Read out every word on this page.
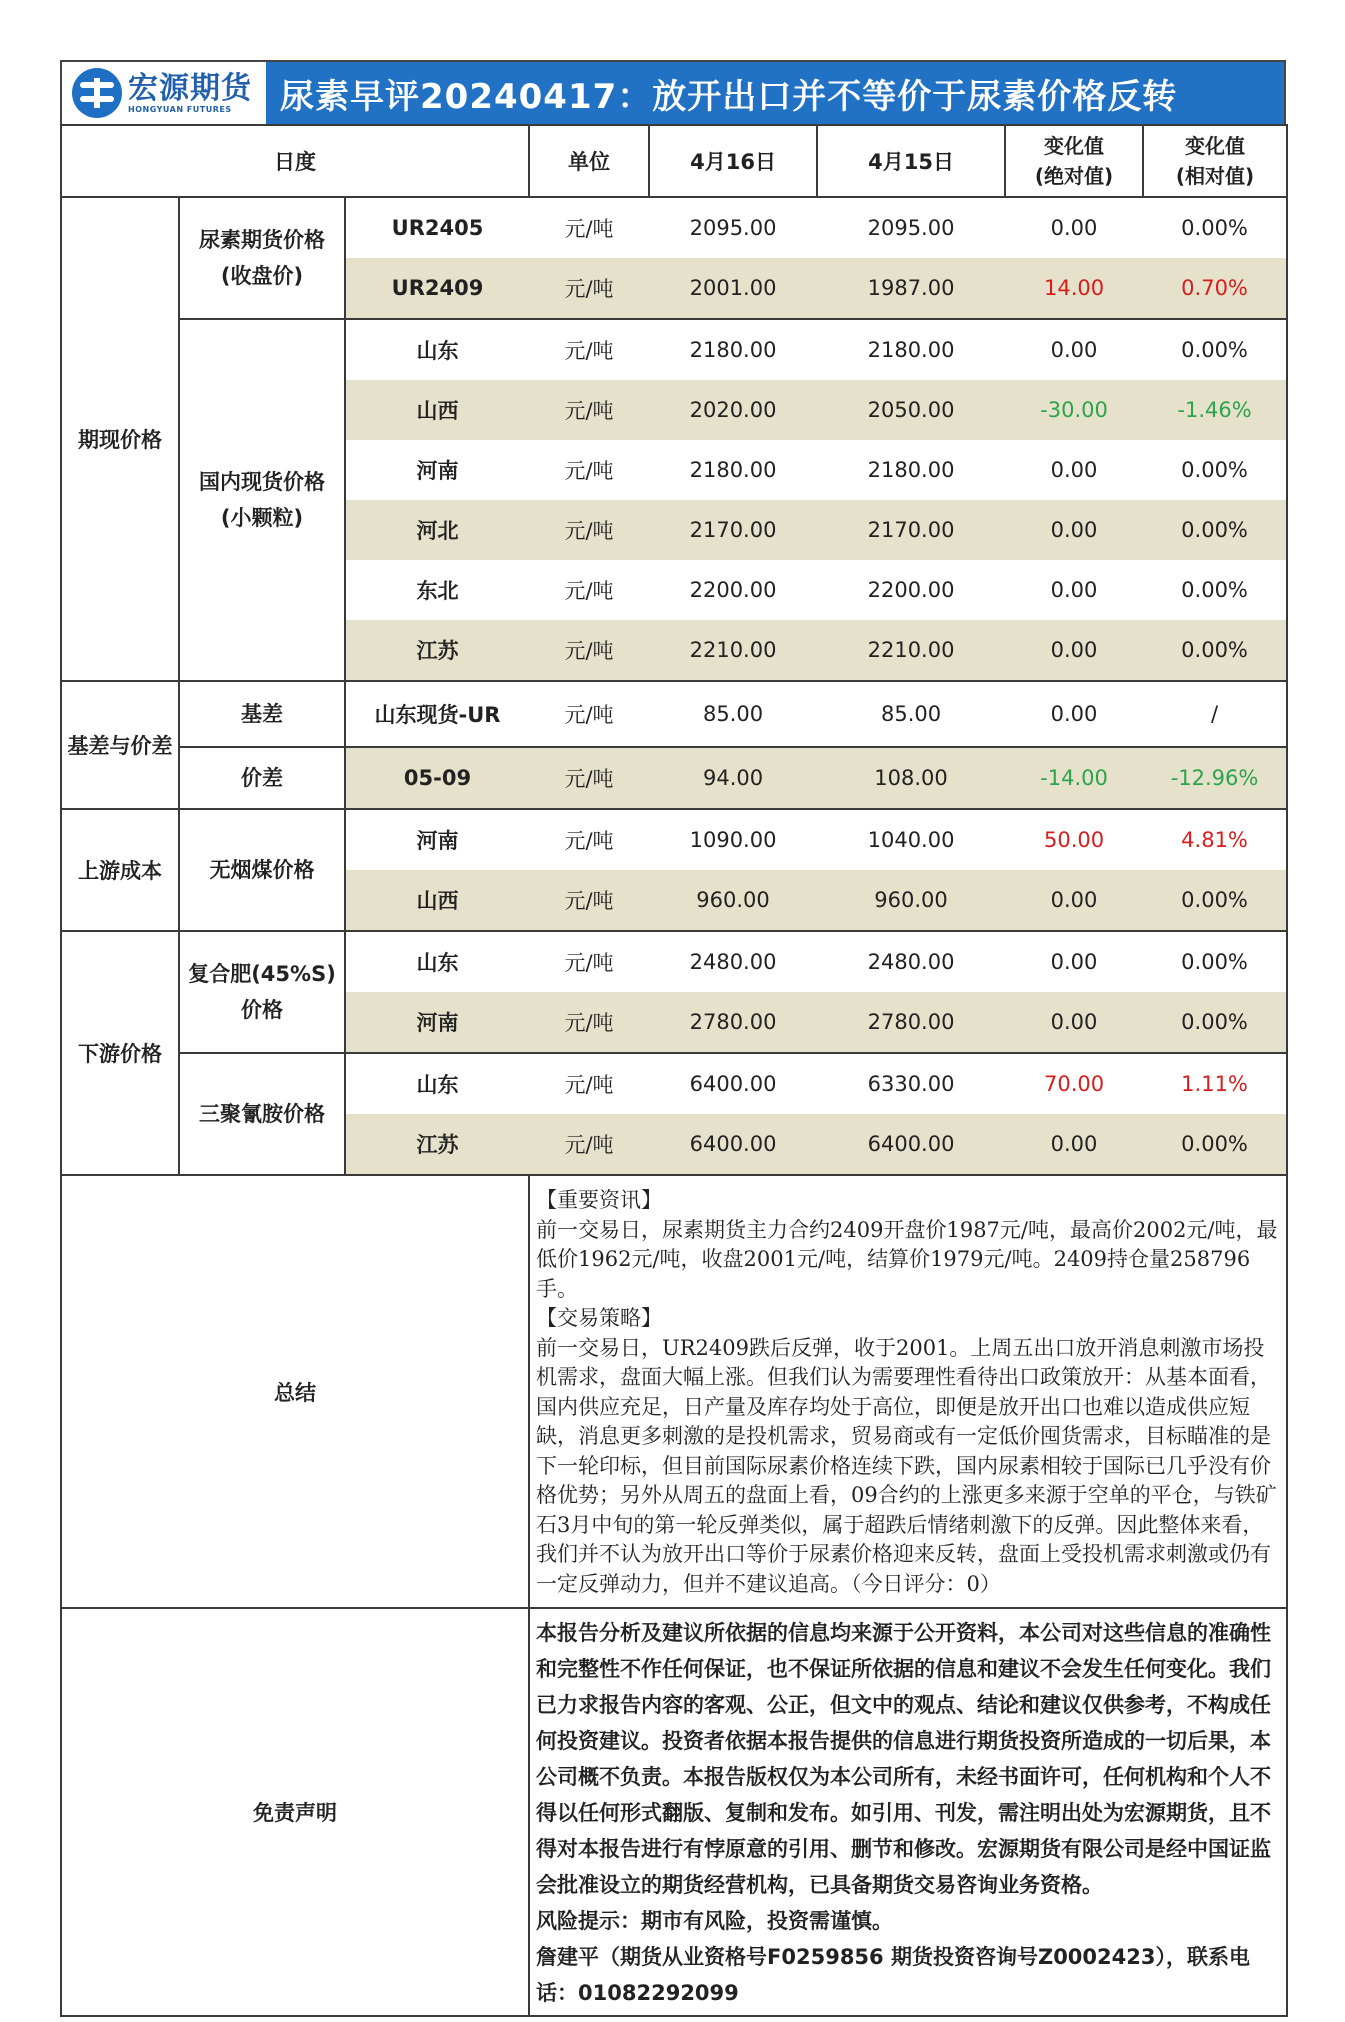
宏源期货
HONGYUAN FUTURES	尿素早评20240417：放开出口并不等价于尿素价格反转
日度			单位	4月16日	4月15日	变化值
(绝对值)	变化值
(相对值)

期现价格	尿素期货价格
(收盘价)	UR2405	元/吨	2095.00	2095.00	0.00	0.00%
		UR2409	元/吨	2001.00	1987.00	14.00	0.70%
	国内现货价格
(小颗粒)	山东	元/吨	2180.00	2180.00	0.00	0.00%
		山西	元/吨	2020.00	2050.00	-30.00	-1.46%
		河南	元/吨	2180.00	2180.00	0.00	0.00%
		河北	元/吨	2170.00	2170.00	0.00	0.00%
		东北	元/吨	2200.00	2200.00	0.00	0.00%
		江苏	元/吨	2210.00	2210.00	0.00	0.00%
基差与价差	基差	山东现货-UR	元/吨	85.00	85.00	0.00	/
	价差	05-09	元/吨	94.00	108.00	-14.00	-12.96%
上游成本	无烟煤价格	河南	元/吨	1090.00	1040.00	50.00	4.81%
		山西	元/吨	960.00	960.00	0.00	0.00%
下游价格	复合肥(45%S)
价格	山东	元/吨	2480.00	2480.00	0.00	0.00%
		河南	元/吨	2780.00	2780.00	0.00	0.00%
	三聚氰胺价格	山东	元/吨	6400.00	6330.00	70.00	1.11%
		江苏	元/吨	6400.00	6400.00	0.00	0.00%
总结			【重要资讯】

前一交易日，尿素期货主力合约2409开盘价1987元/吨，最高价2002元/吨，最低价1962元/吨，收盘2001元/吨，结算价1979元/吨。2409持仓量258796手。

【交易策略】

前一交易日，UR2409跌后反弹，收于2001。上周五出口放开消息刺激市场投机需求，盘面大幅上涨。但我们认为需要理性看待出口政策放开：从基本面看，国内供应充足，日产量及库存均处于高位，即便是放开出口也难以造成供应短缺，消息更多刺激的是投机需求，贸易商或有一定低价囤货需求，目标瞄准的是下一轮印标，但目前国际尿素价格连续下跌，国内尿素相较于国际已几乎没有价格优势；另外从周五的盘面上看，09合约的上涨更多来源于空单的平仓，与铁矿石3月中旬的第一轮反弹类似，属于超跌后情绪刺激下的反弹。因此整体来看，我们并不认为放开出口等价于尿素价格迎来反转，盘面上受投机需求刺激或仍有一定反弹动力，但并不建议追高。（今日评分：0）				

免责声明			本报告分析及建议所依据的信息均来源于公开资料，本公司对这些信息的准确性和完整性不作任何保证，也不保证所依据的信息和建议不会发生任何变化。我们已力求报告内容的客观、公正，但文中的观点、结论和建议仅供参考，不构成任何投资建议。投资者依据本报告提供的信息进行期货投资所造成的一切后果，本公司概不负责。本报告版权仅为本公司所有，未经书面许可，任何机构和个人不得以任何形式翻版、复制和发布。如引用、刊发，需注明出处为宏源期货，且不得对本报告进行有悖原意的引用、删节和修改。宏源期货有限公司是经中国证监会批准设立的期货经营机构，已具备期货交易咨询业务资格。

风险提示：期市有风险，投资需谨慎。

詹建平（期货从业资格号F0259856 期货投资咨询号Z0002423），联系电话：01082292099				
